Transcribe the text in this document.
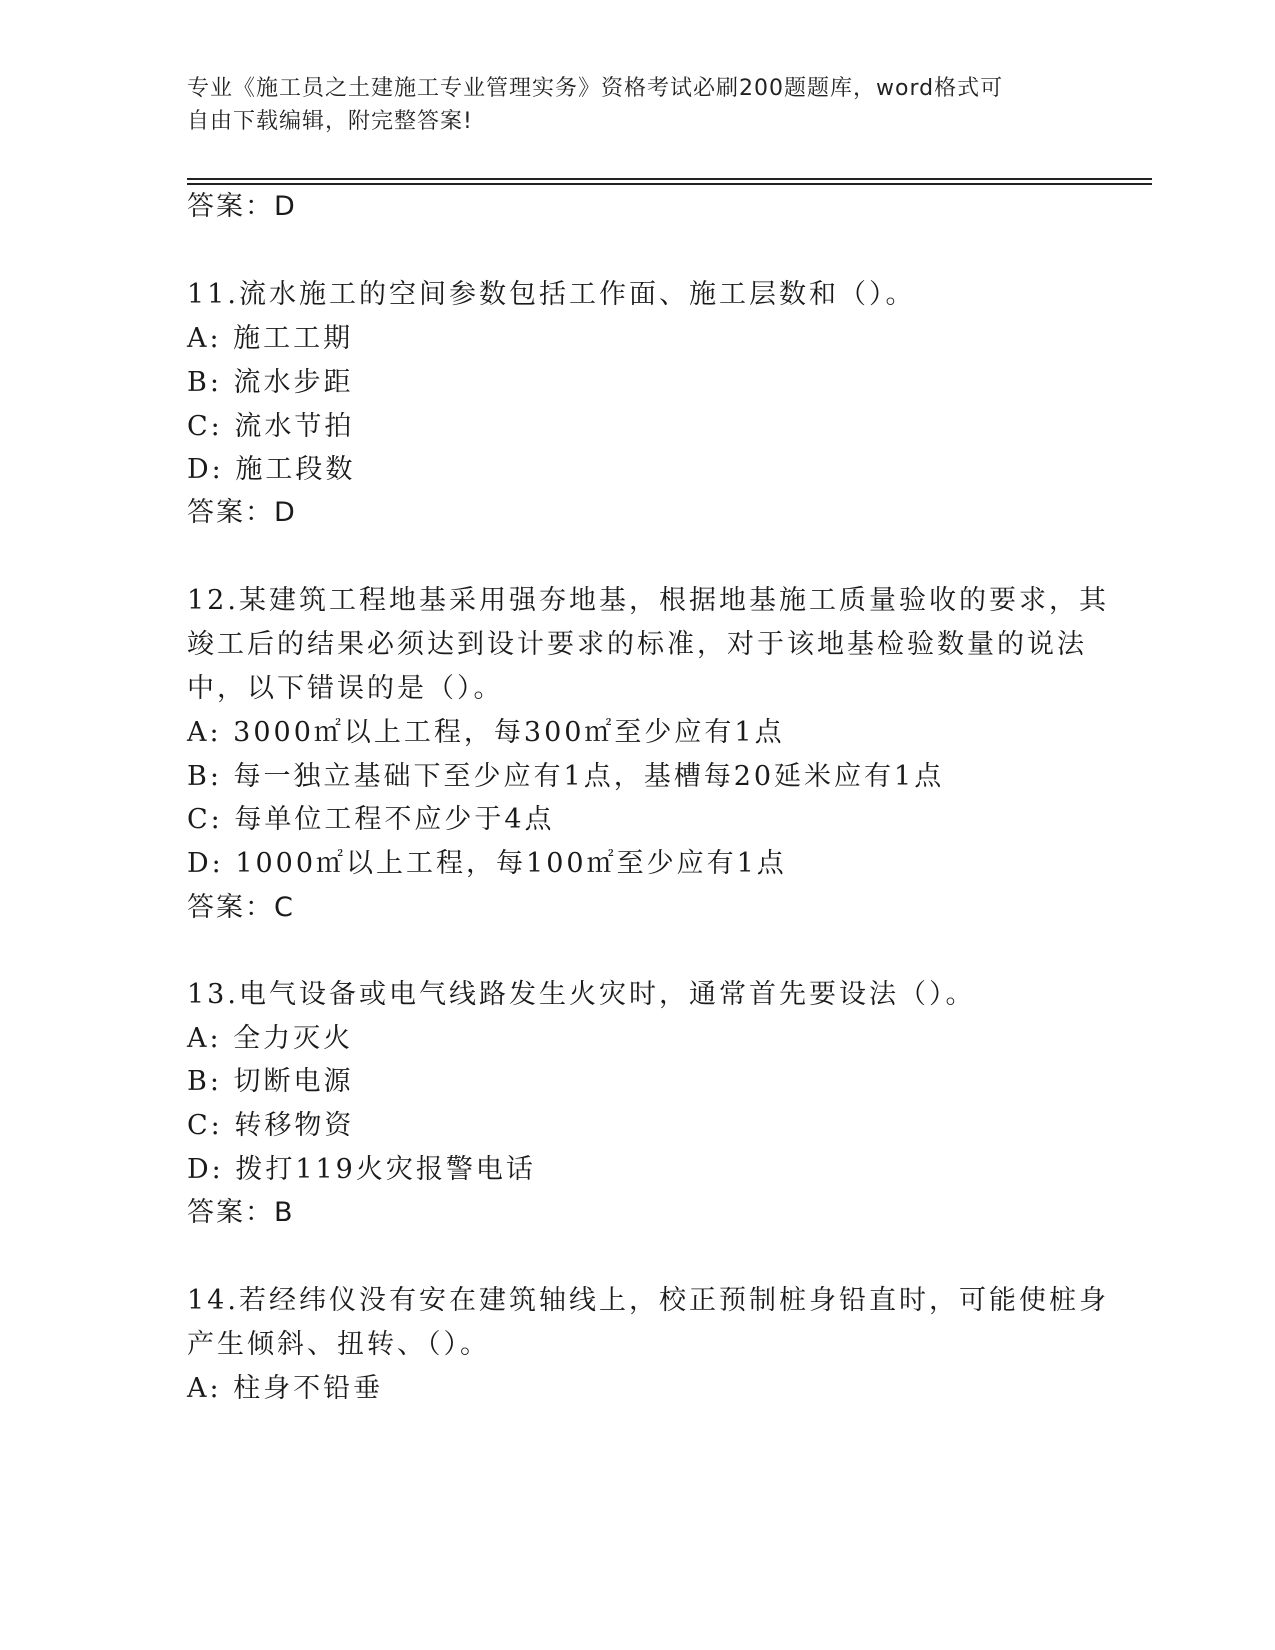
专业《施工员之土建施工专业管理实务》资格考试必刷200题题库，word格式可
自由下载编辑，附完整答案!
答案：D
11.流水施工的空间参数包括工作面、施工层数和（）。
A: 施工工期
B: 流水步距
C: 流水节拍
D: 施工段数
答案：D
12.某建筑工程地基采用强夯地基，根据地基施工质量验收的要求，其
竣工后的结果必须达到设计要求的标准，对于该地基检验数量的说法
中，以下错误的是（）。
A: 3000㎡以上工程，每300㎡至少应有1点
B: 每一独立基础下至少应有1点，基槽每20延米应有1点
C: 每单位工程不应少于4点
D: 1000㎡以上工程，每100㎡至少应有1点
答案：C
13.电气设备或电气线路发生火灾时，通常首先要设法（）。
A: 全力灭火
B: 切断电源
C: 转移物资
D: 拨打119火灾报警电话
答案：B
14.若经纬仪没有安在建筑轴线上，校正预制桩身铅直时，可能使桩身
产生倾斜、扭转、（）。
A: 柱身不铅垂
